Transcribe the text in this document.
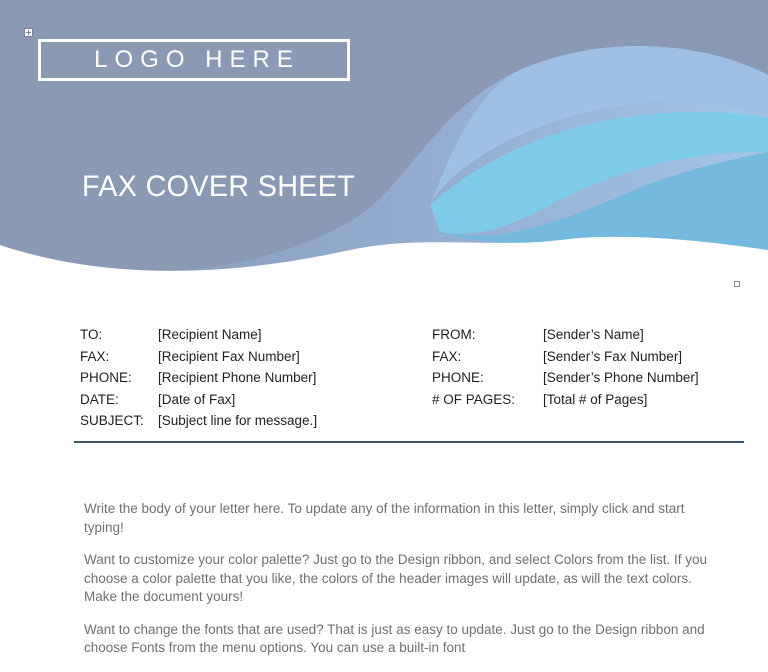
LOGO HERE
FAX COVER SHEET
TO:	[Recipient Name]
FAX:	[Recipient Fax Number]
PHONE:	[Recipient Phone Number]
DATE:	[Date of Fax]
SUBJECT:	[Subject line for message.]
FROM:	[Sender’s Name]
FAX:	[Sender’s Fax Number]
PHONE:	[Sender’s Phone Number]
# OF PAGES:	[Total # of Pages]

Write the body of your letter here. To update any of the information in this letter, simply click and start typing!

Want to customize your color palette? Just go to the Design ribbon, and select Colors from the list. If you choose a color palette that you like, the colors of the header images will update, as will the text colors. Make the document yours!

Want to change the fonts that are used? That is just as easy to update. Just go to the Design ribbon and choose Fonts from the menu options. You can use a built-in font
